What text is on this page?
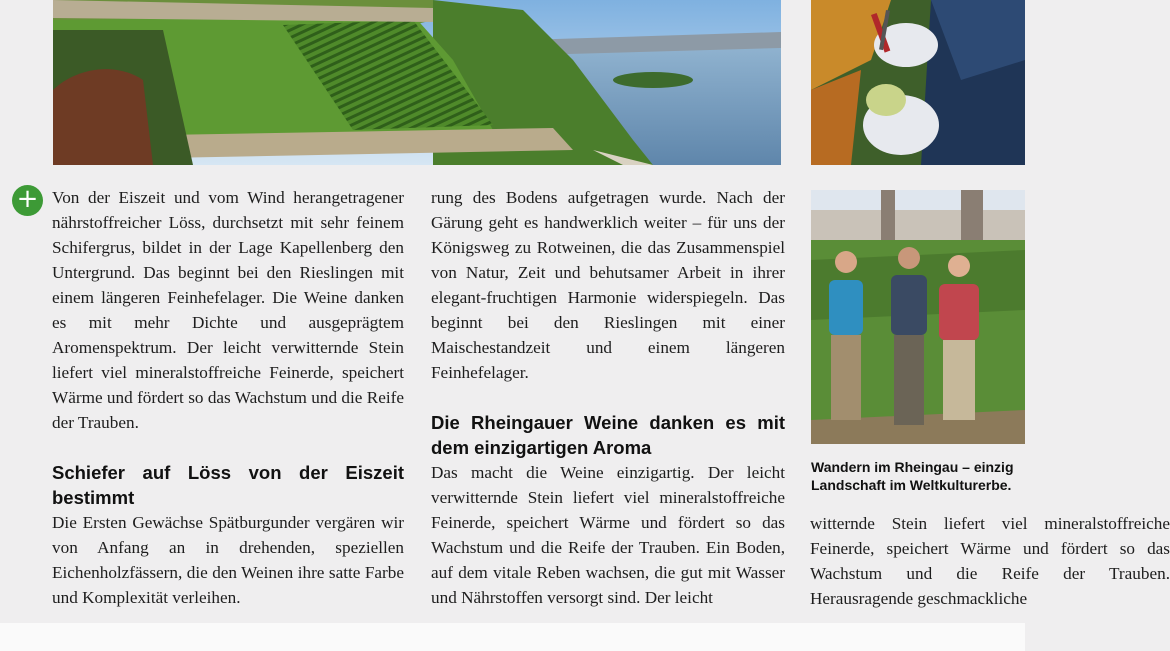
+ Von der Eiszeit und vom Wind herangetragener nährstoffreicher Löss, durchsetzt mit sehr feinem Schifergrus, bildet in der Lage Kapellenberg den Untergrund. Das beginnt bei den Rieslingen mit einem längeren Feinhefelager. Die Weine danken es mit mehr Dichte und ausgeprägtem Aromenspektrum. Der leicht verwitternde Stein liefert viel mineralstoffreiche Feinerde, speichert Wärme und fördert so das Wachstum und die Reife der Trauben.

Schiefer auf Löss von der Eiszeit bestimmt

Die Ersten Gewächse Spätburgunder vergären wir von Anfang an in drehenden, speziellen Eichenholzfässern, die den Weinen ihre satte Farbe und Komplexität verleihen.

rung des Bodens aufgetragen wurde. Nach der Gärung geht es handwerklich weiter – für uns der Königsweg zu Rotweinen, die das Zusammenspiel von Natur, Zeit und behutsamer Arbeit in ihrer elegant-fruchtigen Harmonie widerspiegeln. Das beginnt bei den Rieslingen mit einer Maischestandzeit und einem längeren Feinhefelager.

Die Rheingauer Weine danken es mit dem einzigartigen Aroma

Das macht die Weine einzigartig. Der leicht verwitternde Stein liefert viel mineralstoffreiche Feinerde, speichert Wärme und fördert so das Wachstum und die Reife der Trauben. Ein Boden, auf dem vitale Reben wachsen, die gut mit Wasser und Nährstoffen versorgt sind. Der leicht

Wandern im Rheingau – einzig
Landschaft im Weltkulturerbe.

witternde Stein liefert viel mineralstoffreiche Feinerde, speichert Wärme und fördert so das Wachstum und die Reife der Trauben. Herausragende geschmackliche
